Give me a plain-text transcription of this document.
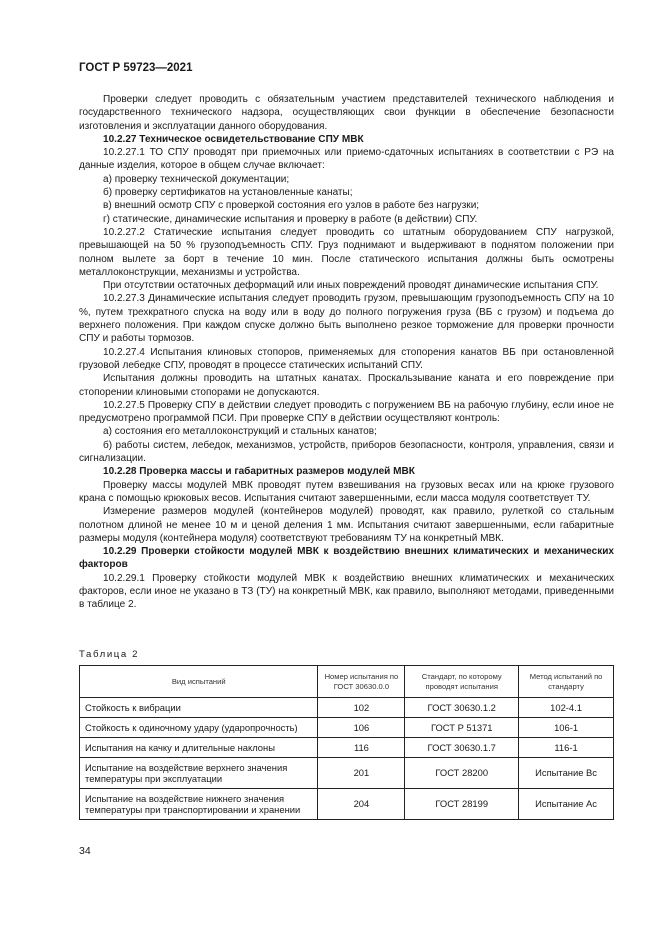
ГОСТ Р 59723—2021

Проверки следует проводить с обязательным участием представителей технического наблюдения и государственного технического надзора, осуществляющих свои функции в обеспечение безопасности изготовления и эксплуатации данного оборудования.

10.2.27 Техническое освидетельствование СПУ МВК

10.2.27.1 ТО СПУ проводят при приемочных или приемо-сдаточных испытаниях в соответствии с РЭ на данные изделия, которое в общем случае включает:

а) проверку технической документации;

б) проверку сертификатов на установленные канаты;

в) внешний осмотр СПУ с проверкой состояния его узлов в работе без нагрузки;

г) статические, динамические испытания и проверку в работе (в действии) СПУ.

10.2.27.2 Статические испытания следует проводить со штатным оборудованием СПУ нагрузкой, превышающей на 50 % грузоподъемность СПУ. Груз поднимают и выдерживают в поднятом положении при полном вылете за борт в течение 10 мин. После статического испытания должны быть осмотрены металлоконструкции, механизмы и устройства.

При отсутствии остаточных деформаций или иных повреждений проводят динамические испытания СПУ.

10.2.27.3 Динамические испытания следует проводить грузом, превышающим грузоподъемность СПУ на 10 %, путем трехкратного спуска на воду или в воду до полного погружения груза (ВБ с грузом) и подъема до верхнего положения. При каждом спуске должно быть выполнено резкое торможение для проверки прочности СПУ и работы тормозов.

10.2.27.4 Испытания клиновых стопоров, применяемых для стопорения канатов ВБ при остановленной грузовой лебедке СПУ, проводят в процессе статических испытаний СПУ.

Испытания должны проводить на штатных канатах. Проскальзывание каната и его повреждение при стопорении клиновыми стопорами не допускаются.

10.2.27.5 Проверку СПУ в действии следует проводить с погружением ВБ на рабочую глубину, если иное не предусмотрено программой ПСИ. При проверке СПУ в действии осуществляют контроль:

а) состояния его металлоконструкций и стальных канатов;

б) работы систем, лебедок, механизмов, устройств, приборов безопасности, контроля, управления, связи и сигнализации.

10.2.28 Проверка массы и габаритных размеров модулей МВК

Проверку массы модулей МВК проводят путем взвешивания на грузовых весах или на крюке грузового крана с помощью крюковых весов. Испытания считают завершенными, если масса модуля соответствует ТУ.

Измерение размеров модулей (контейнеров модулей) проводят, как правило, рулеткой со стальным полотном длиной не менее 10 м и ценой деления 1 мм. Испытания считают завершенными, если габаритные размеры модуля (контейнера модуля) соответствуют требованиям ТУ на конкретный МВК.

10.2.29 Проверки стойкости модулей МВК к воздействию внешних климатических и механических факторов

10.2.29.1 Проверку стойкости модулей МВК к воздействию внешних климатических и механических факторов, если иное не указано в ТЗ (ТУ) на конкретный МВК, как правило, выполняют методами, приведенными в таблице 2.

Таблица 2
Вид испытаний	Номер испытания по ГОСТ 30630.0.0	Стандарт, по которому проводят испытания	Метод испытаний по стандарту
Стойкость к вибрации	102	ГОСТ 30630.1.2	102-4.1
Стойкость к одиночному удару (ударопрочность)	106	ГОСТ Р 51371	106-1
Испытания на качку и длительные наклоны	116	ГОСТ 30630.1.7	116-1
Испытание на воздействие верхнего значения температуры при эксплуатации	201	ГОСТ 28200	Испытание Bc
Испытание на воздействие нижнего значения температуры при транспортировании и хранении	204	ГОСТ 28199	Испытание Ac
34
